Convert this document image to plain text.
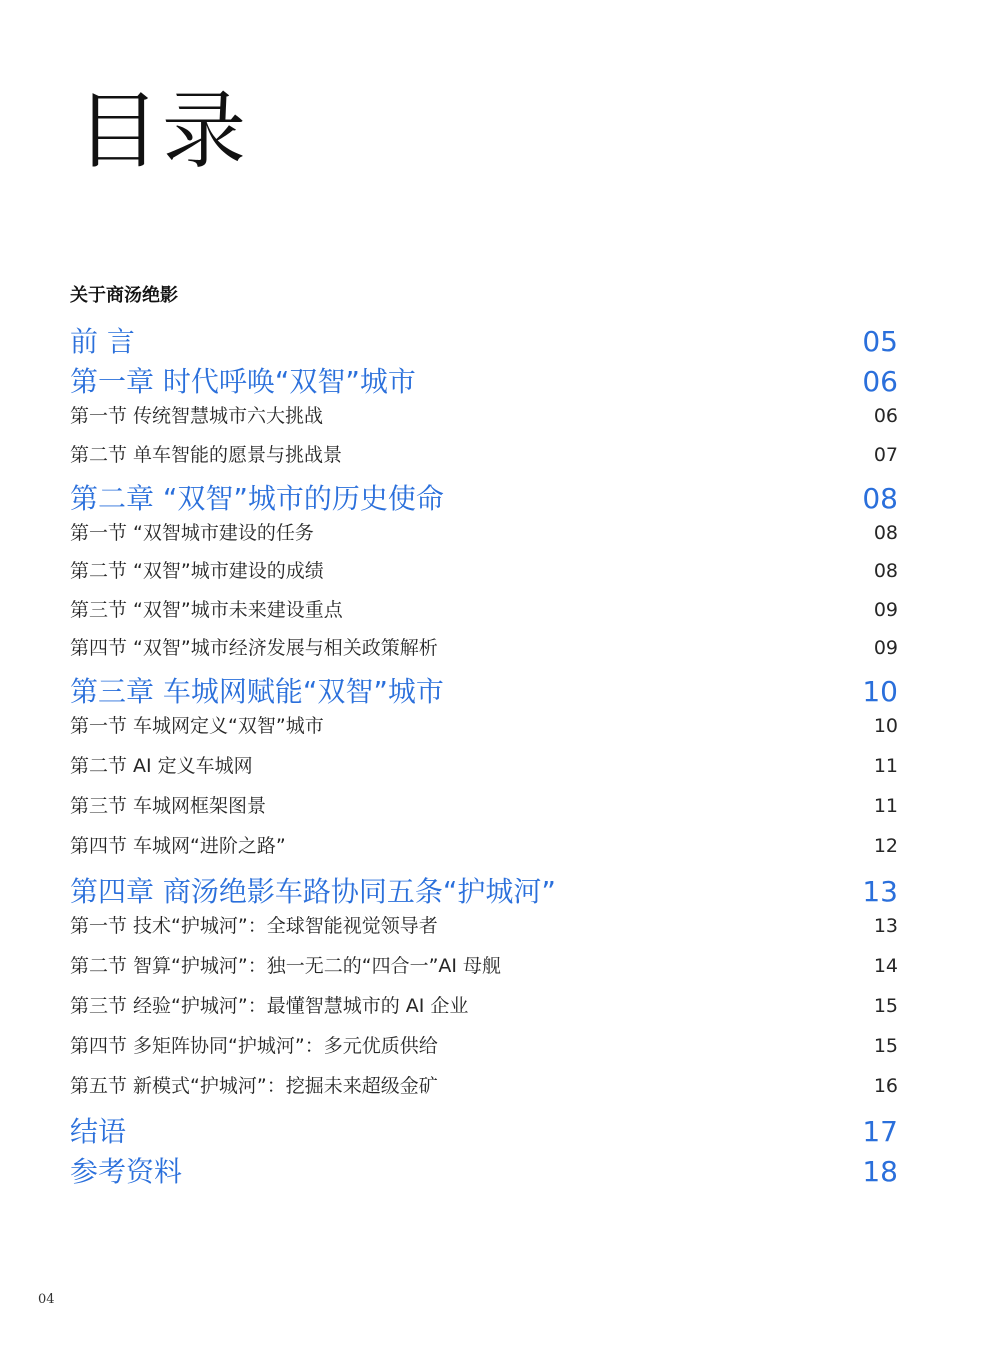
目录
关于商汤绝影
前 言	05
第一章 时代呼唤“双智”城市	06
第一节 传统智慧城市六大挑战	06
第二节 单车智能的愿景与挑战景	07
第二章 “双智”城市的历史使命	08
第一节 “双智城市建设的任务	08
第二节 “双智”城市建设的成绩	08
第三节 “双智”城市未来建设重点	09
第四节 “双智”城市经济发展与相关政策解析	09
第三章 车城网赋能“双智”城市	10
第一节 车城网定义“双智”城市	10
第二节 AI 定义车城网	11
第三节 车城网框架图景	11
第四节 车城网“进阶之路”	12
第四章 商汤绝影车路协同五条“护城河”	13
第一节 技术“护城河”：全球智能视觉领导者	13
第二节 智算“护城河”：独一无二的“四合一”AI 母舰	14
第三节 经验“护城河”：最懂智慧城市的 AI 企业	15
第四节 多矩阵协同“护城河”：多元优质供给	15
第五节 新模式“护城河”：挖掘未来超级金矿	16
结语	17
参考资料	18
04
